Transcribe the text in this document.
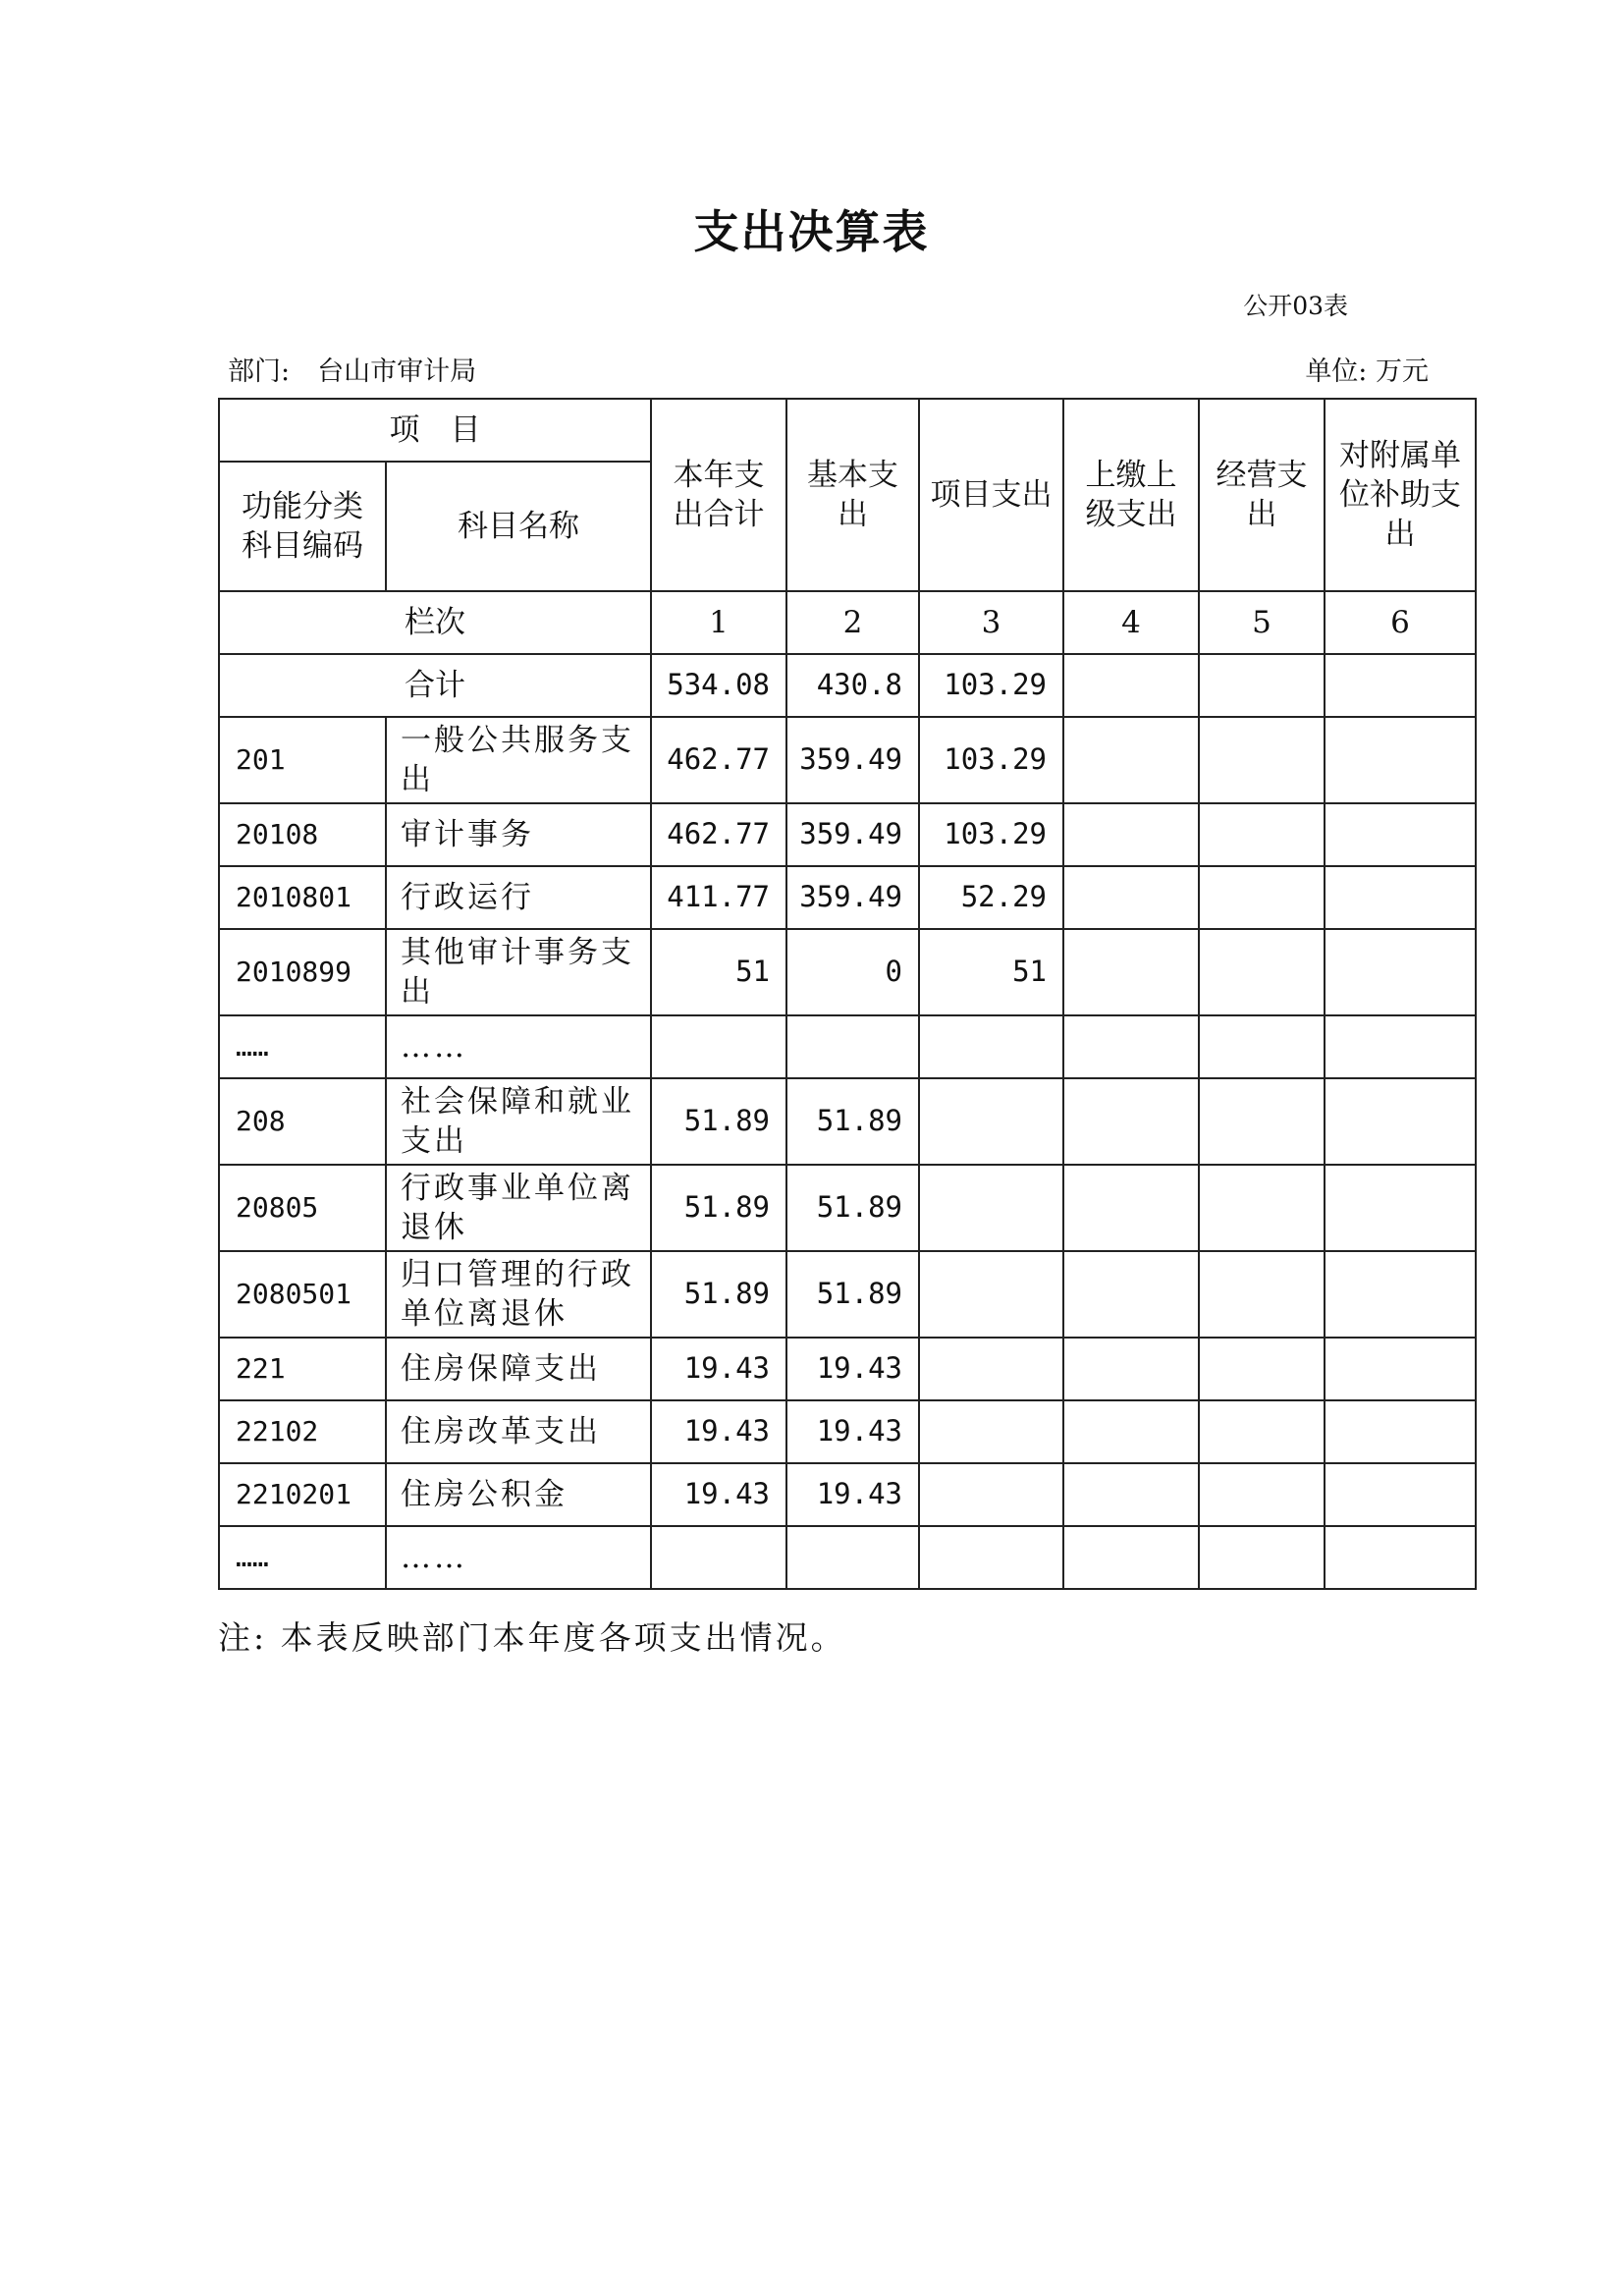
支出决算表
公开03表
部门: 台山市审计局	单位: 万元
项　目		本年支出合计	基本支出	项目支出	上缴上级支出	经营支出	对附属单位补助支出
功能分类科目编码	科目名称						
栏次		1	2	3	4	5	6
合计		534.08	430.8	103.29			
201	一般公共服务支出	462.77	359.49	103.29			
20108	审计事务	462.77	359.49	103.29			
2010801	行政运行	411.77	359.49	52.29			
2010899	其他审计事务支出	51	0	51			
……	……						
208	社会保障和就业支出	51.89	51.89				
20805	行政事业单位离退休	51.89	51.89				
2080501	归口管理的行政单位离退休	51.89	51.89				
221	住房保障支出	19.43	19.43				
22102	住房改革支出	19.43	19.43				
2210201	住房公积金	19.43	19.43				
……	……						
注: 本表反映部门本年度各项支出情况。
